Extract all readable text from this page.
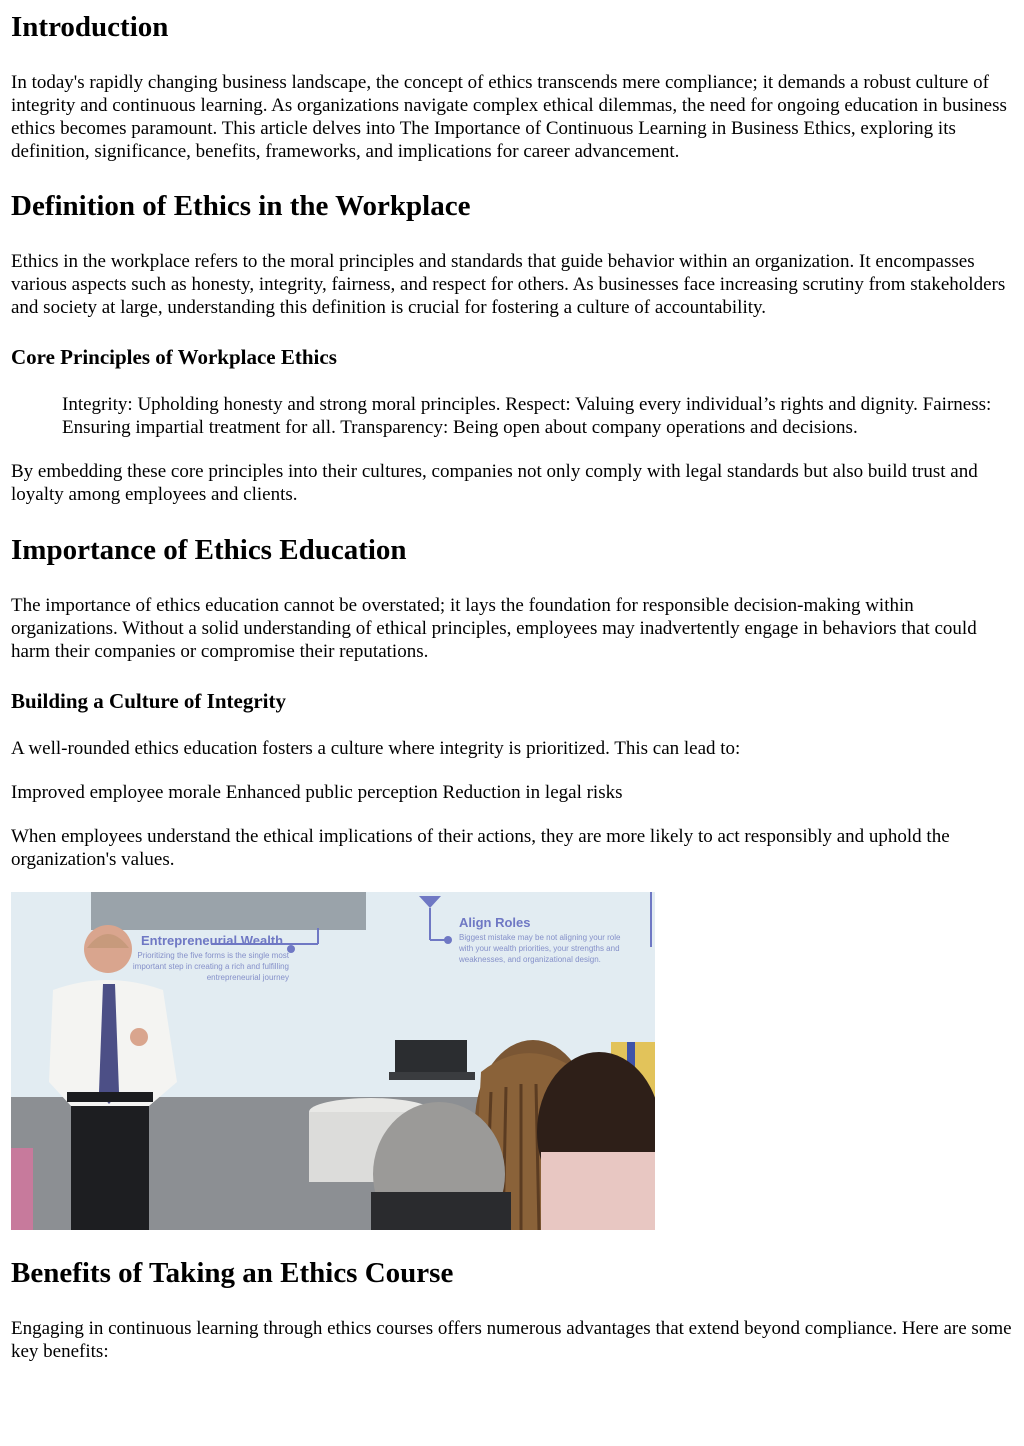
Introduction

In today's rapidly changing business landscape, the concept of ethics transcends mere compliance; it demands a robust culture of integrity and continuous learning. As organizations navigate complex ethical dilemmas, the need for ongoing education in business ethics becomes paramount. This article delves into The Importance of Continuous Learning in Business Ethics, exploring its definition, significance, benefits, frameworks, and implications for career advancement.

Definition of Ethics in the Workplace

Ethics in the workplace refers to the moral principles and standards that guide behavior within an organization. It encompasses various aspects such as honesty, integrity, fairness, and respect for others. As businesses face increasing scrutiny from stakeholders and society at large, understanding this definition is crucial for fostering a culture of accountability.

Core Principles of Workplace Ethics
Integrity: Upholding honesty and strong moral principles. Respect: Valuing every individual’s rights and dignity. Fairness: Ensuring impartial treatment for all. Transparency: Being open about company operations and decisions.

By embedding these core principles into their cultures, companies not only comply with legal standards but also build trust and loyalty among employees and clients.

Importance of Ethics Education

The importance of ethics education cannot be overstated; it lays the foundation for responsible decision-making within organizations. Without a solid understanding of ethical principles, employees may inadvertently engage in behaviors that could harm their companies or compromise their reputations.

Building a Culture of Integrity

A well-rounded ethics education fosters a culture where integrity is prioritized. This can lead to:

Improved employee morale Enhanced public perception Reduction in legal risks

When employees understand the ethical implications of their actions, they are more likely to act responsibly and uphold the organization's values.

Entrepreneurial Wealth
Prioritizing the five forms is the single most important step in creating a rich and fulfilling entrepreneurial journey
Align Roles
Biggest mistake may be not aligning your role with your wealth priorities, your strengths and weaknesses, and organizational design.
Benefits of Taking an Ethics Course

Engaging in continuous learning through ethics courses offers numerous advantages that extend beyond compliance. Here are some key benefits:
